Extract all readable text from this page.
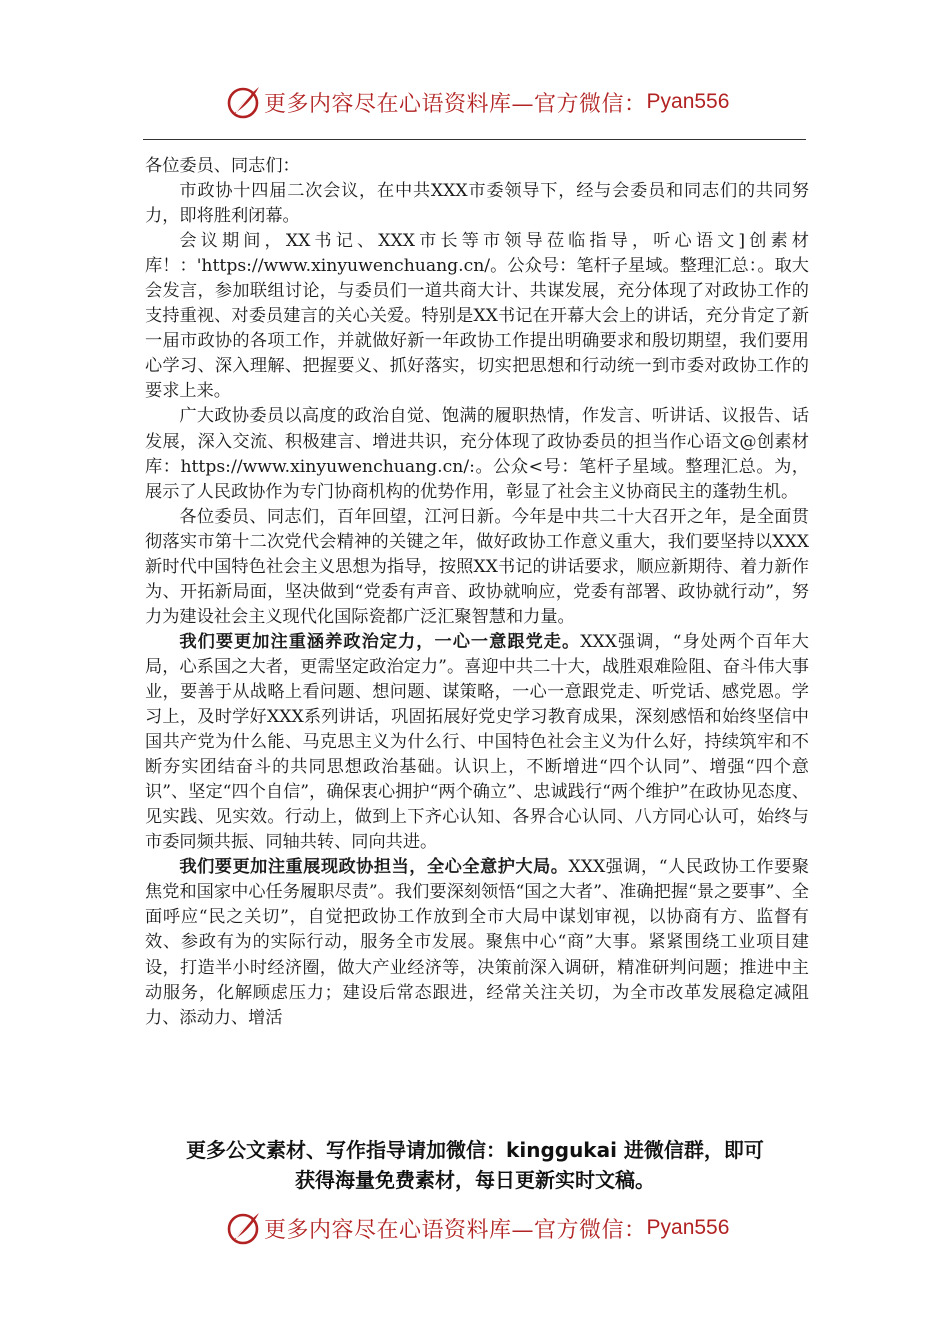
更多内容尽在心语资料库—官方微信： Pyan556

各位委员、同志们：

市政协十四届二次会议，在中共XXX市委领导下，经与会委员和同志们的共同努力，即将胜利闭幕。

会议期间，XX书记、XXX市长等市领导莅临指导，听心语文]创素材库！：'https://www.xinyuwenchuang.cn/。公众号：笔杆子星域。整理汇总：。取大会发言，参加联组讨论，与委员们一道共商大计、共谋发展，充分体现了对政协工作的支持重视、对委员建言的关心关爱。特别是XX书记在开幕大会上的讲话，充分肯定了新一届市政协的各项工作，并就做好新一年政协工作提出明确要求和殷切期望，我们要用心学习、深入理解、把握要义、抓好落实，切实把思想和行动统一到市委对政协工作的要求上来。

广大政协委员以高度的政治自觉、饱满的履职热情，作发言、听讲话、议报告、话发展，深入交流、积极建言、增进共识，充分体现了政协委员的担当作心语文@创素材库：https://www.xinyuwenchuang.cn/:。公众<号：笔杆子星域。整理汇总。为，展示了人民政协作为专门协商机构的优势作用，彰显了社会主义协商民主的蓬勃生机。

各位委员、同志们，百年回望，江河日新。今年是中共二十大召开之年，是全面贯彻落实市第十二次党代会精神的关键之年，做好政协工作意义重大，我们要坚持以XXX新时代中国特色社会主义思想为指导，按照XX书记的讲话要求，顺应新期待、着力新作为、开拓新局面，坚决做到“党委有声音、政协就响应，党委有部署、政协就行动”，努力为建设社会主义现代化国际瓷都广泛汇聚智慧和力量。

我们要更加注重涵养政治定力，一心一意跟党走。XXX强调，“身处两个百年大局，心系国之大者，更需坚定政治定力”。喜迎中共二十大，战胜艰难险阻、奋斗伟大事业，要善于从战略上看问题、想问题、谋策略，一心一意跟党走、听党话、感党恩。学习上，及时学好XXX系列讲话，巩固拓展好党史学习教育成果，深刻感悟和始终坚信中国共产党为什么能、马克思主义为什么行、中国特色社会主义为什么好，持续筑牢和不断夯实团结奋斗的共同思想政治基础。认识上，不断增进“四个认同”、增强“四个意识”、坚定“四个自信”，确保衷心拥护“两个确立”、忠诚践行“两个维护”在政协见态度、见实践、见实效。行动上，做到上下齐心认知、各界合心认同、八方同心认可，始终与市委同频共振、同轴共转、同向共进。

我们要更加注重展现政协担当，全心全意护大局。XXX强调，“人民政协工作要聚焦党和国家中心任务履职尽责”。我们要深刻领悟“国之大者”、准确把握“景之要事”、全面呼应“民之关切”，自觉把政协工作放到全市大局中谋划审视，以协商有方、监督有效、参政有为的实际行动，服务全市发展。聚焦中心“商”大事。紧紧围绕工业项目建设，打造半小时经济圈，做大产业经济等，决策前深入调研，精准研判问题；推进中主动服务，化解顾虑压力；建设后常态跟进，经常关注关切，为全市改革发展稳定减阻力、添动力、增活

更多公文素材、写作指导请加微信：kinggukai 进微信群，即可
获得海量免费素材，每日更新实时文稿。
更多内容尽在心语资料库—官方微信： Pyan556
